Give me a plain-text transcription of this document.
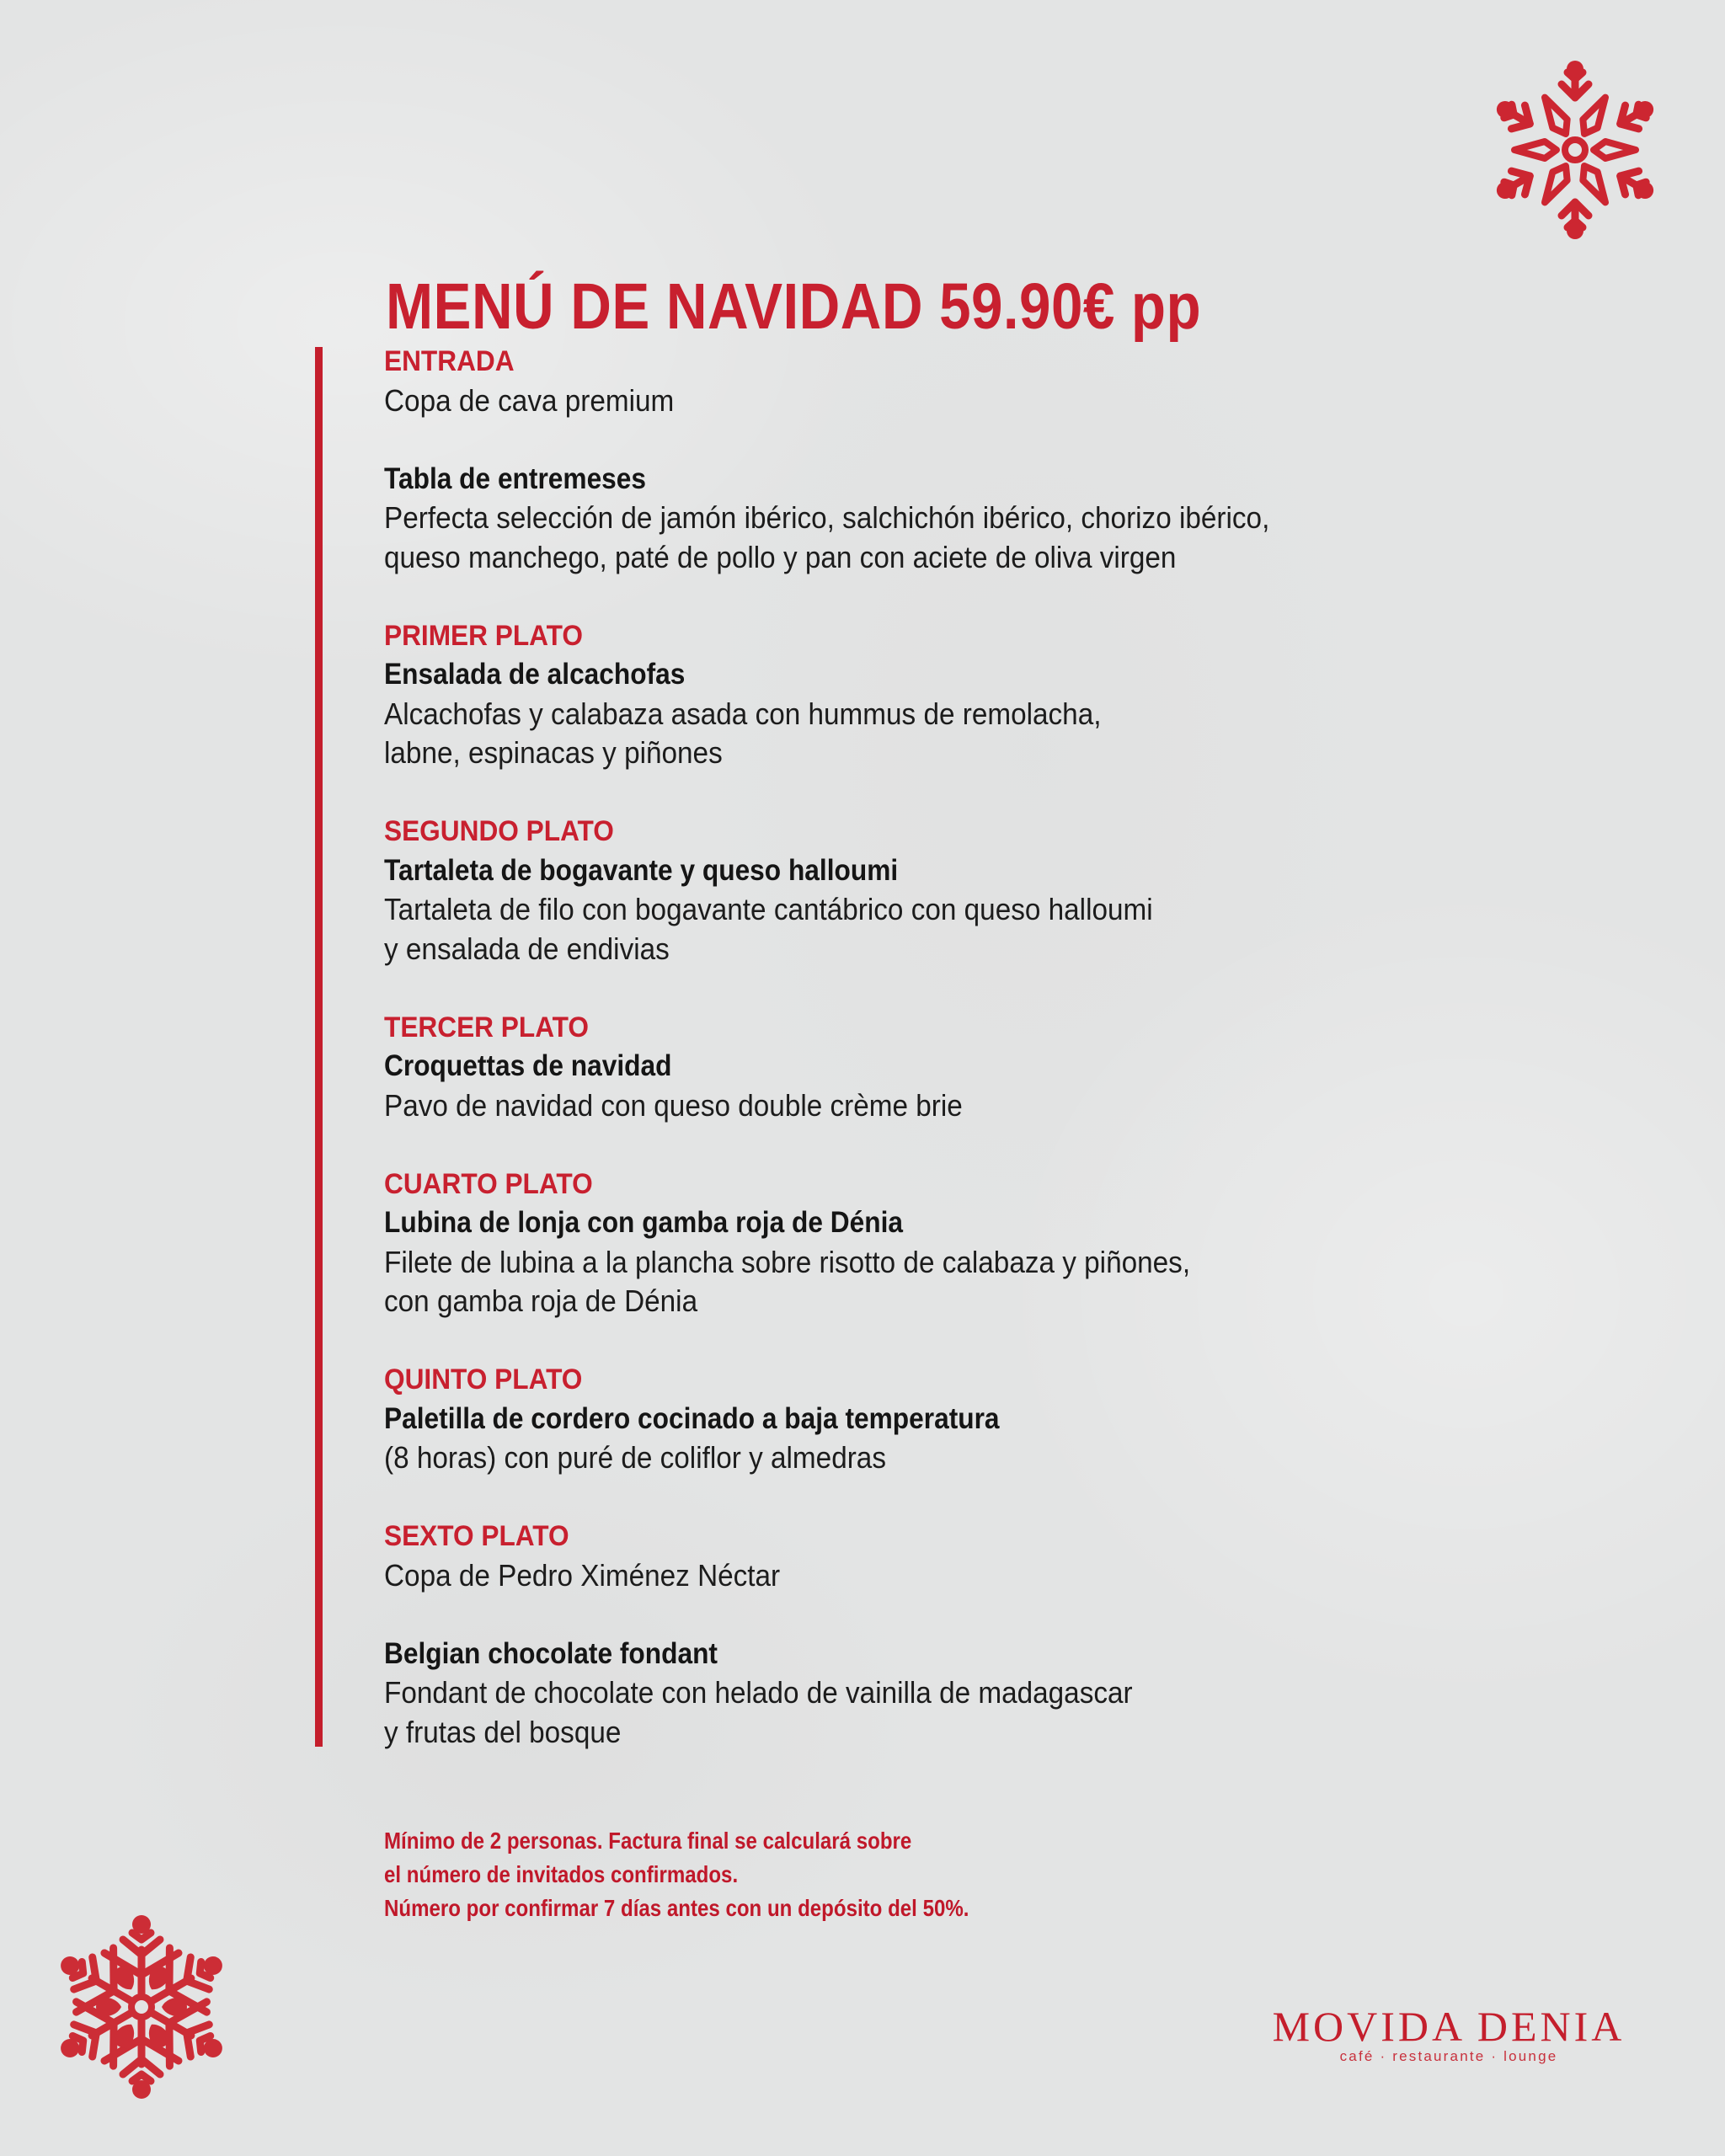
MENÚ DE NAVIDAD 59.90€ pp
ENTRADA
Copa de cava premium
Tabla de entremeses
Perfecta selección de jamón ibérico, salchichón ibérico, chorizo ibérico,
queso manchego, paté de pollo y pan con aciete de oliva virgen
PRIMER PLATO
Ensalada de alcachofas
Alcachofas y calabaza asada con hummus de remolacha,
labne, espinacas y piñones
SEGUNDO PLATO
Tartaleta de bogavante y queso halloumi
Tartaleta de filo con bogavante cantábrico con queso halloumi
y ensalada de endivias
TERCER PLATO
Croquettas de navidad
Pavo de navidad con queso double crème brie
CUARTO PLATO
Lubina de lonja con gamba roja de Dénia
Filete de lubina a la plancha sobre risotto de calabaza y piñones,
con gamba roja de Dénia
QUINTO PLATO
Paletilla de cordero cocinado a baja temperatura
(8 horas) con puré de coliflor y almedras
SEXTO PLATO
Copa de Pedro Ximénez Néctar
Belgian chocolate fondant
Fondant de chocolate con helado de vainilla de madagascar
y frutas del bosque
Mínimo de 2 personas. Factura final se calculará sobre
el número de invitados confirmados.
Número por confirmar 7 días antes con un depósito del 50%.
MOVIDA DENIA
café · restaurante · lounge
